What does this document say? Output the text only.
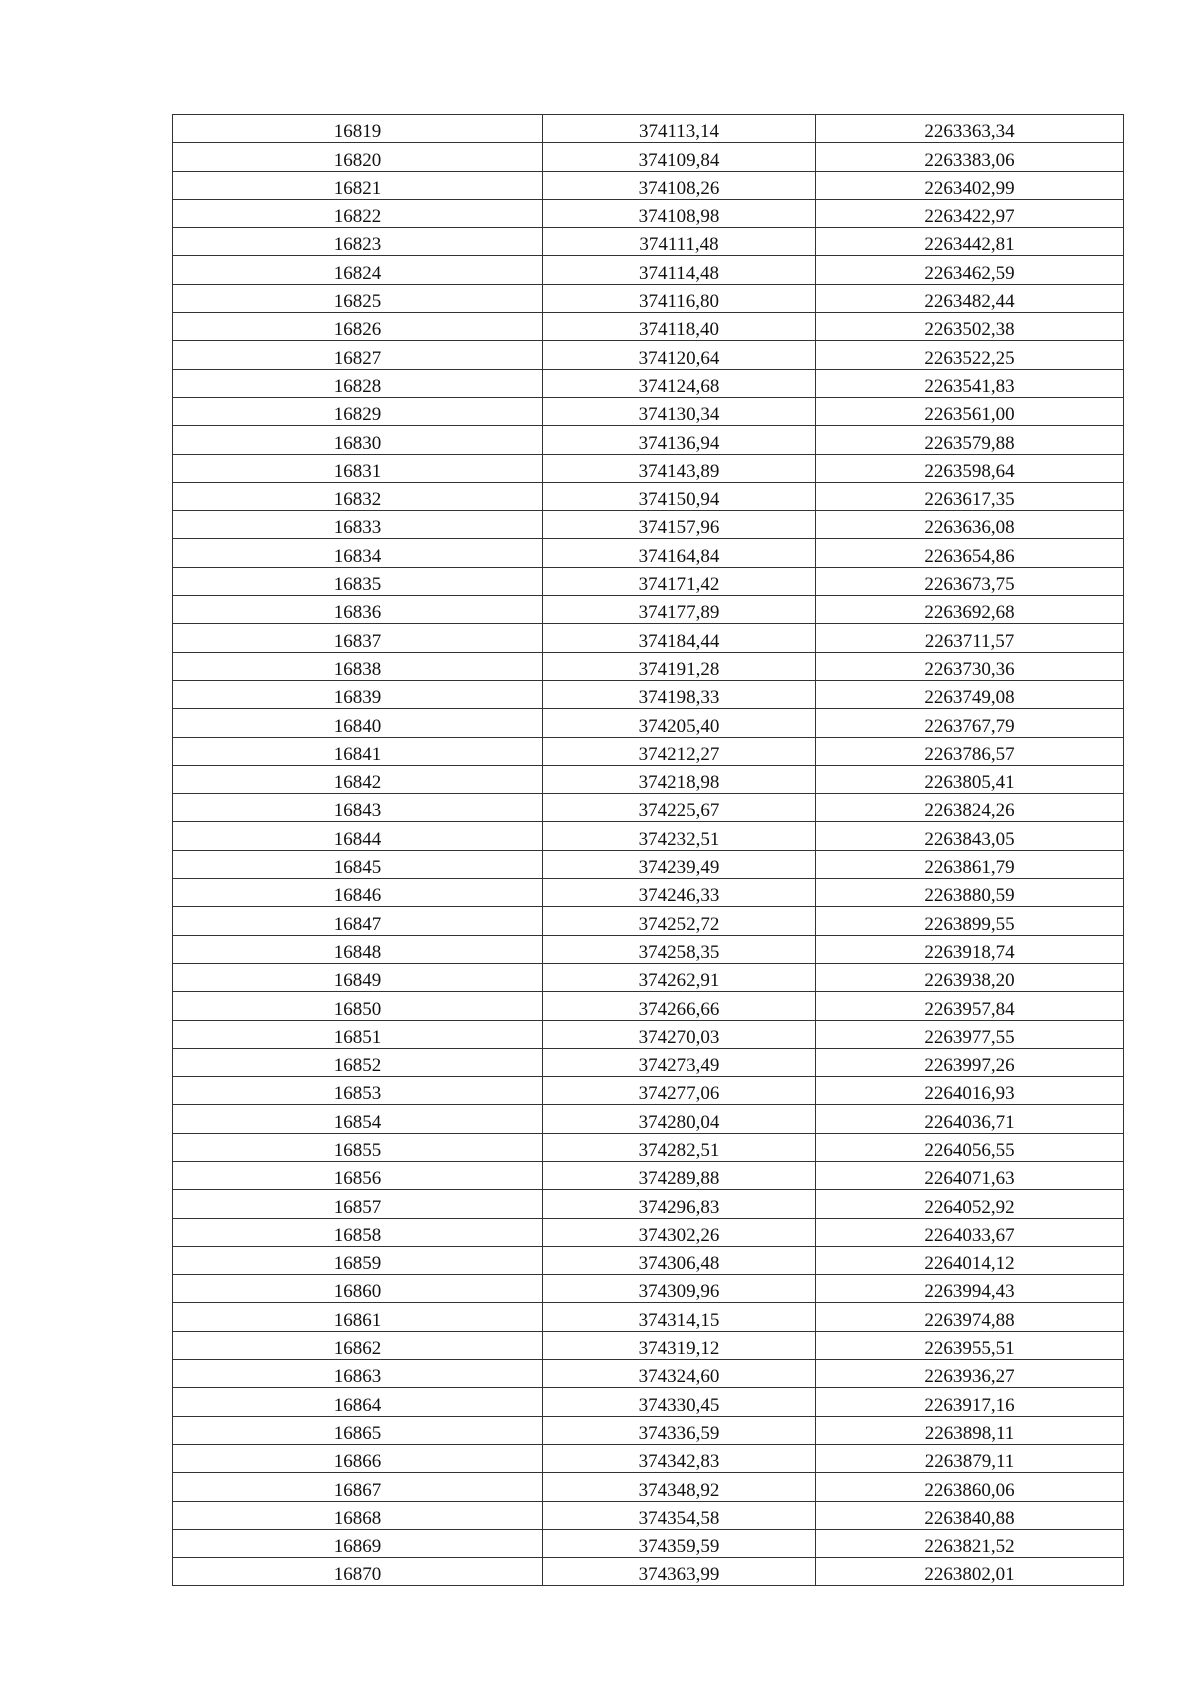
16819	374113,14	2263363,34
16820	374109,84	2263383,06
16821	374108,26	2263402,99
16822	374108,98	2263422,97
16823	374111,48	2263442,81
16824	374114,48	2263462,59
16825	374116,80	2263482,44
16826	374118,40	2263502,38
16827	374120,64	2263522,25
16828	374124,68	2263541,83
16829	374130,34	2263561,00
16830	374136,94	2263579,88
16831	374143,89	2263598,64
16832	374150,94	2263617,35
16833	374157,96	2263636,08
16834	374164,84	2263654,86
16835	374171,42	2263673,75
16836	374177,89	2263692,68
16837	374184,44	2263711,57
16838	374191,28	2263730,36
16839	374198,33	2263749,08
16840	374205,40	2263767,79
16841	374212,27	2263786,57
16842	374218,98	2263805,41
16843	374225,67	2263824,26
16844	374232,51	2263843,05
16845	374239,49	2263861,79
16846	374246,33	2263880,59
16847	374252,72	2263899,55
16848	374258,35	2263918,74
16849	374262,91	2263938,20
16850	374266,66	2263957,84
16851	374270,03	2263977,55
16852	374273,49	2263997,26
16853	374277,06	2264016,93
16854	374280,04	2264036,71
16855	374282,51	2264056,55
16856	374289,88	2264071,63
16857	374296,83	2264052,92
16858	374302,26	2264033,67
16859	374306,48	2264014,12
16860	374309,96	2263994,43
16861	374314,15	2263974,88
16862	374319,12	2263955,51
16863	374324,60	2263936,27
16864	374330,45	2263917,16
16865	374336,59	2263898,11
16866	374342,83	2263879,11
16867	374348,92	2263860,06
16868	374354,58	2263840,88
16869	374359,59	2263821,52
16870	374363,99	2263802,01
